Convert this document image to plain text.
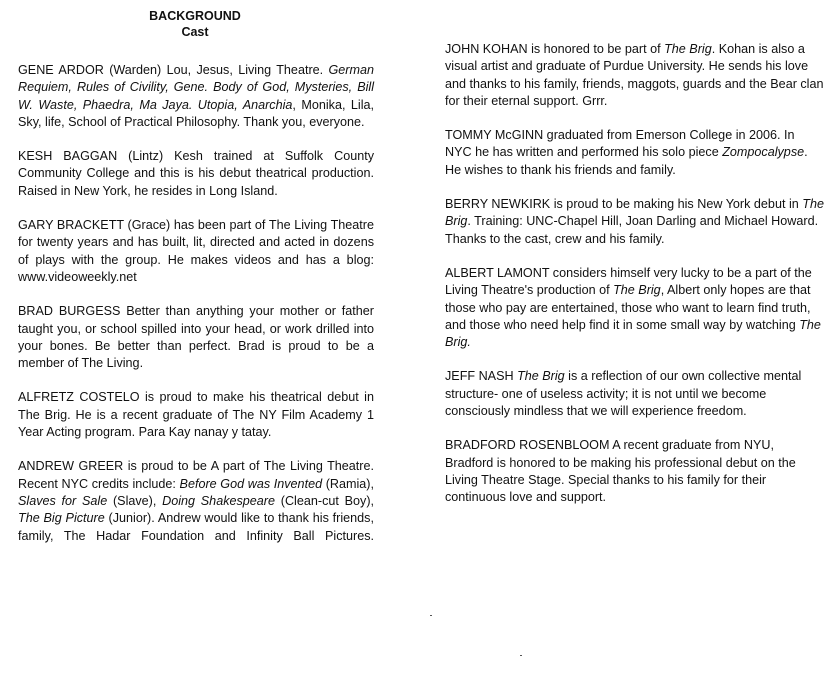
BACKGROUND
Cast

GENE ARDOR (Warden) Lou, Jesus, Living Theatre. German Requiem, Rules of Civility, Gene. Body of God, Mysteries, Bill W. Waste, Phaedra, Ma Jaya. Utopia, Anarchia, Monika, Lila, Sky, life, School of Practical Philosophy. Thank you, everyone.

KESH BAGGAN (Lintz) Kesh trained at Suffolk County Community College and this is his debut theatrical production. Raised in New York, he resides in Long Island.

GARY BRACKETT (Grace) has been part of The Living Theatre for twenty years and has built, lit, directed and acted in dozens of plays with the group. He makes videos and has a blog: www.videoweekly.net

BRAD BURGESS Better than anything your mother or father taught you, or school spilled into your head, or work drilled into your bones. Be better than perfect. Brad is proud to be a member of The Living.

ALFRETZ COSTELO is proud to make his theatrical debut in The Brig. He is a recent graduate of The NY Film Academy 1 Year Acting program. Para Kay nanay y tatay.

ANDREW GREER is proud to be A part of The Living Theatre. Recent NYC credits include: Before God was Invented (Ramia), Slaves for Sale (Slave), Doing Shakespeare (Clean-cut Boy), The Big Picture (Junior). Andrew would like to thank his friends, family, The Hadar Foundation and Infinity Ball Pictures.

JOHN KOHAN is honored to be part of The Brig. Kohan is also a visual artist and graduate of Purdue University. He sends his love and thanks to his family, friends, maggots, guards and the Bear clan for their eternal support. Grrr.

TOMMY McGINN graduated from Emerson College in 2006. In NYC he has written and performed his solo piece Zompocalypse. He wishes to thank his friends and family.

BERRY NEWKIRK is proud to be making his New York debut in The Brig. Training: UNC-Chapel Hill, Joan Darling and Michael Howard. Thanks to the cast, crew and his family.

ALBERT LAMONT considers himself very lucky to be a part of the Living Theatre's production of The Brig, Albert only hopes are that those who pay are entertained, those who want to learn find truth, and those who need help find it in some small way by watching The Brig.

JEFF NASH The Brig is a reflection of our own collective mental structure- one of useless activity; it is not until we become consciously mindless that we will experience freedom.

BRADFORD ROSENBLOOM A recent graduate from NYU, Bradford is honored to be making his professional debut on the Living Theatre Stage. Special thanks to his family for their continuous love and support.
